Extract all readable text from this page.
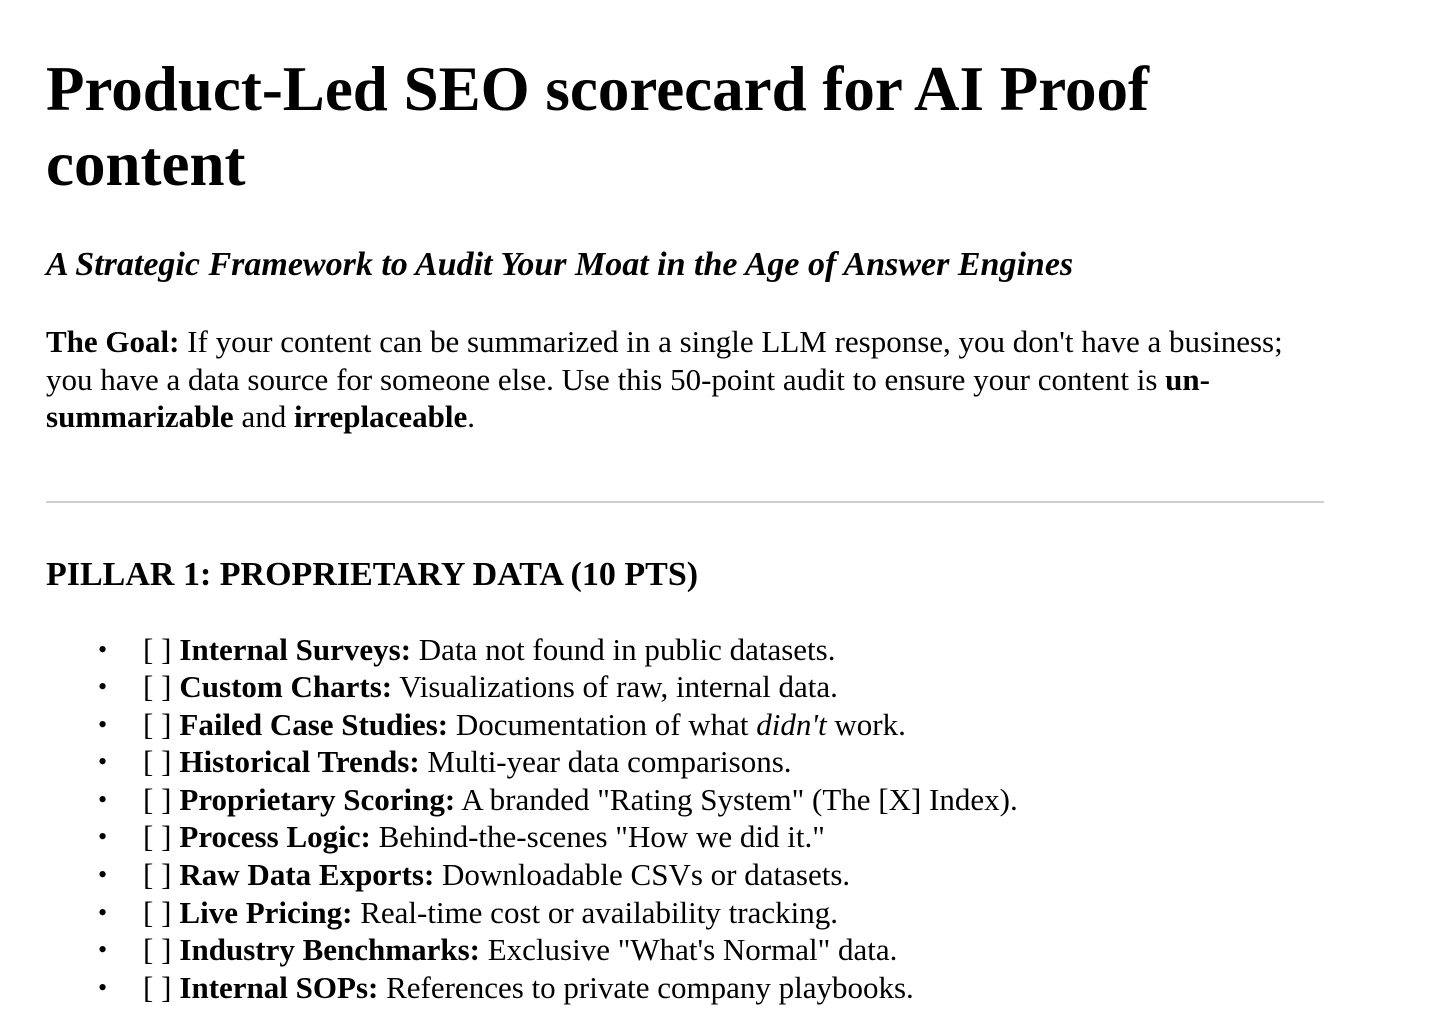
Product-Led SEO scorecard for AI Proof content

A Strategic Framework to Audit Your Moat in the Age of Answer Engines

The Goal: If your content can be summarized in a single LLM response, you don't have a business; you have a data source for someone else. Use this 50-point audit to ensure your content is un-summarizable and irreplaceable.

PILLAR 1: PROPRIETARY DATA (10 PTS)
• [ ] Internal Surveys: Data not found in public datasets.
• [ ] Custom Charts: Visualizations of raw, internal data.
• [ ] Failed Case Studies: Documentation of what didn't work.
• [ ] Historical Trends: Multi-year data comparisons.
• [ ] Proprietary Scoring: A branded "Rating System" (The [X] Index).
• [ ] Process Logic: Behind-the-scenes "How we did it."
• [ ] Raw Data Exports: Downloadable CSVs or datasets.
• [ ] Live Pricing: Real-time cost or availability tracking.
• [ ] Industry Benchmarks: Exclusive "What's Normal" data.
• [ ] Internal SOPs: References to private company playbooks.
